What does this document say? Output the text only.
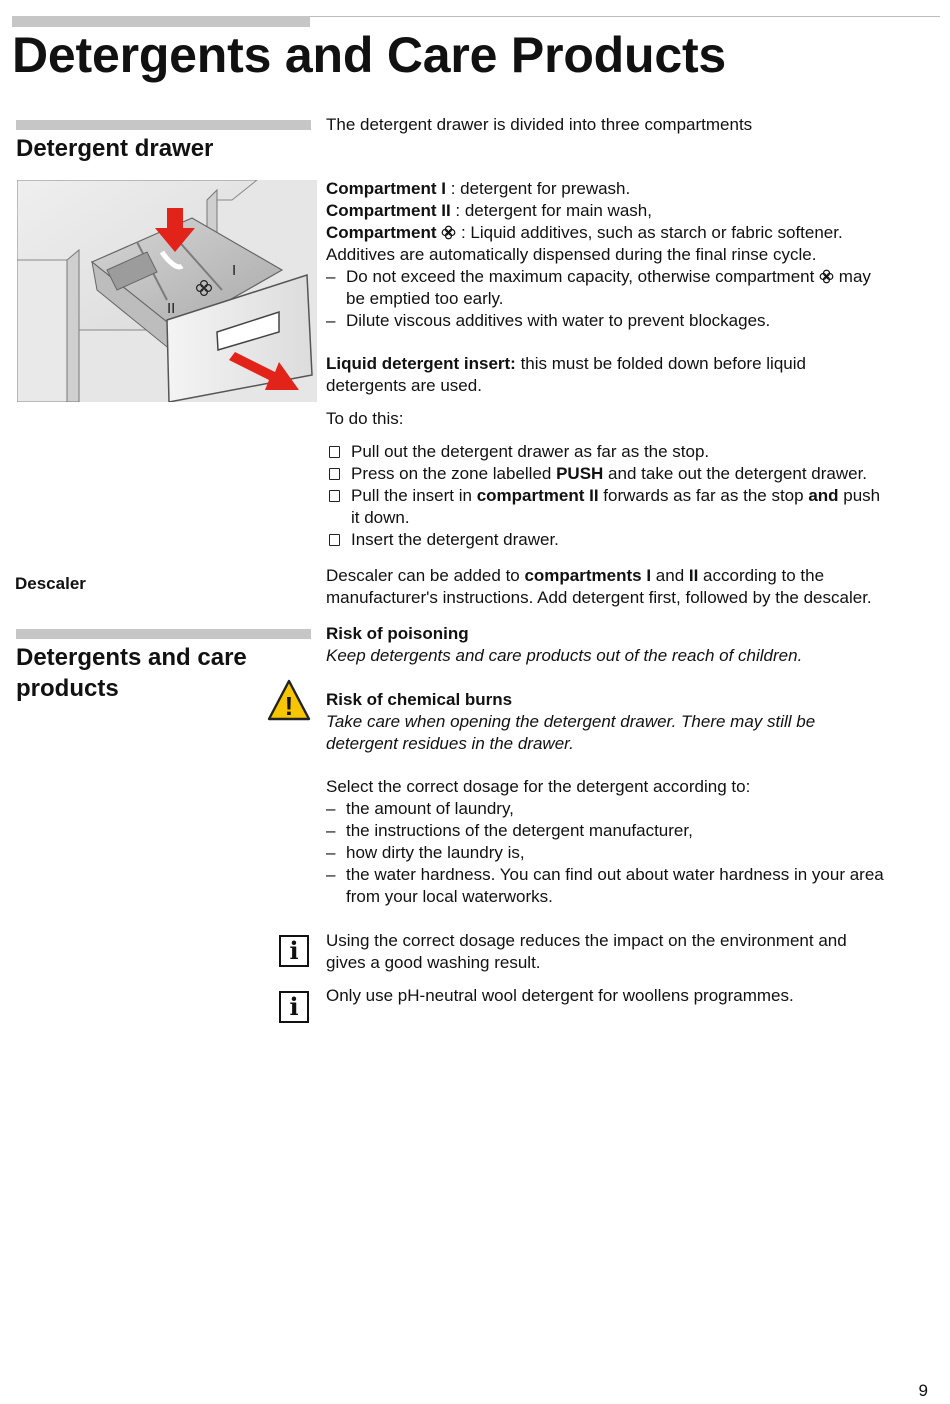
Detergents and Care Products
Detergent drawer
I
II
The detergent drawer is divided into three compartments
Compartment I : detergent for prewash.
Compartment II : detergent for main wash,
Compartment  : Liquid additives, such as starch or fabric softener.
Additives are automatically dispensed during the final rinse cycle.
– Do not exceed the maximum capacity, otherwise compartment  may
be emptied too early.
– Dilute viscous additives with water to prevent blockages.
Liquid detergent insert: this must be folded down before liquid
detergents are used.
To do this:
Pull out the detergent drawer as far as the stop.
Press on the zone labelled PUSH and take out the detergent drawer.
Pull the insert in compartment II forwards as far as the stop and push
it down.
Insert the detergent drawer.
Descaler	Descaler can be added to compartments I and II according to the
manufacturer's instructions. Add detergent first, followed by the descaler.
Detergents and care
products
!
Risk of poisoning
Keep detergents and care products out of the reach of children.
Risk of chemical burns
Take care when opening the detergent drawer. There may still be
detergent residues in the drawer.
Select the correct dosage for the detergent according to:
– the amount of laundry,
– the instructions of the detergent manufacturer,
– how dirty the laundry is,
– the water hardness. You can find out about water hardness in your area
from your local waterworks.
i Using the correct dosage reduces the impact on the environment and
gives a good washing result.
i Only use pH-neutral wool detergent for woollens programmes.
9
